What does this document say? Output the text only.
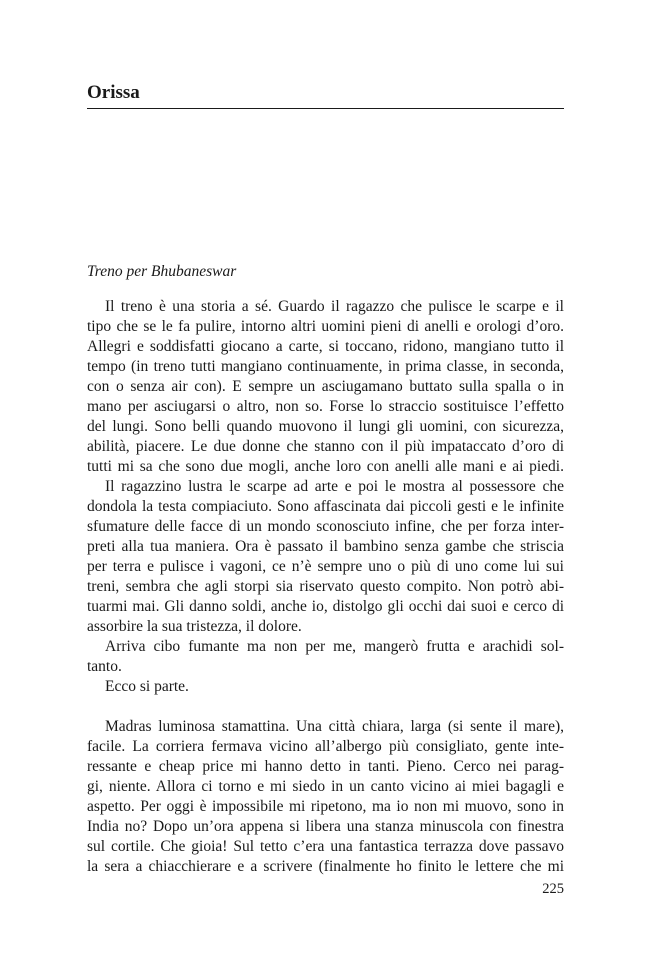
Orissa
Treno per Bhubaneswar
Il treno è una storia a sé. Guardo il ragazzo che pulisce le scarpe e il
tipo che se le fa pulire, intorno altri uomini pieni di anelli e orologi d’oro.
Allegri e soddisfatti giocano a carte, si toccano, ridono, mangiano tutto il
tempo (in treno tutti mangiano continuamente, in prima classe, in seconda,
con o senza air con). E sempre un asciugamano buttato sulla spalla o in
mano per asciugarsi o altro, non so. Forse lo straccio sostituisce l’effetto
del lungi. Sono belli quando muovono il lungi gli uomini, con sicurezza,
abilità, piacere. Le due donne che stanno con il più impataccato d’oro di
tutti mi sa che sono due mogli, anche loro con anelli alle mani e ai piedi.
Il ragazzino lustra le scarpe ad arte e poi le mostra al possessore che
dondola la testa compiaciuto. Sono affascinata dai piccoli gesti e le infinite
sfumature delle facce di un mondo sconosciuto infine, che per forza inter-
preti alla tua maniera. Ora è passato il bambino senza gambe che striscia
per terra e pulisce i vagoni, ce n’è sempre uno o più di uno come lui sui
treni, sembra che agli storpi sia riservato questo compito. Non potrò abi-
tuarmi mai. Gli danno soldi, anche io, distolgo gli occhi dai suoi e cerco di
assorbire la sua tristezza, il dolore.
Arriva cibo fumante ma non per me, mangerò frutta e arachidi sol-
tanto.
Ecco si parte.
Madras luminosa stamattina. Una città chiara, larga (si sente il mare),
facile. La corriera fermava vicino all’albergo più consigliato, gente inte-
ressante e cheap price mi hanno detto in tanti. Pieno. Cerco nei parag-
gi, niente. Allora ci torno e mi siedo in un canto vicino ai miei bagagli e
aspetto. Per oggi è impossibile mi ripetono, ma io non mi muovo, sono in
India no? Dopo un’ora appena si libera una stanza minuscola con finestra
sul cortile. Che gioia! Sul tetto c’era una fantastica terrazza dove passavo
la sera a chiacchierare e a scrivere (finalmente ho finito le lettere che mi
225
